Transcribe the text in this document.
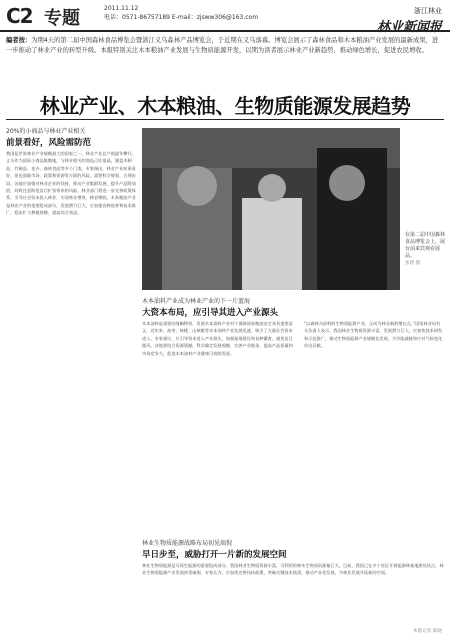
C2 专题	2011.11.12
电话：0571-86757189 E-mail：zjsww306@163.com
浙江林业
林业新闻报
编者按：为期4天的第二届中国森林食品博览会暨浙江义乌森林产品博览会，于近期在义乌落幕。博览会展示了森林食品和木本粮油产业发展的最新成果，进一步推动了林业产业的转型升级。本报特别关注木本粮油产业发展与生物质能源开发，以期为读者展示林业产业新趋势，推动绿色增长，促进农民增收。
林业产业、木本粮油、生物质能源发展趋势
20%的小商品与林业产业相关
前景看好，风险需防范
我国是世界林业产业规模最大的国家之一，林业产业总产值逐年攀升。义乌作为国际小商品集散地，与林业相关的商品占比很高，涵盖木制品、竹制品、花卉、森林食品等多个门类。专家指出，林业产业前景看好，但也面临市场、政策和资源等方面的风险，需要科学规划、合理布局。各地应加强对林业企业的扶持，推动产业集群发展，提升产品附加值，同时注意防范盲目扩张带来的风险。林业部门将进一步完善政策体系，引导社会资本投入林业，实现林业增效、林农增收。木本粮油产业是林业产业的重要组成部分，发展潜力巨大，应加强良种选育和技术推广，稳步扩大种植规模，提高综合效益。
在第二届中国森林食品博览会上，展台前来宾观看展品。
张建 摄
木本油料产业成为林业产业的下一片蓝海
大资本布局，应引导其进入产业源头
木本油料是重要的战略物资，发展木本油料产业对于保障国家粮油安全具有重要意义。近年来，油茶、核桃、山核桃等木本油料产业发展迅速，吸引了大量社会资本进入。专家建议，应引导资本进入产业源头，加强基地建设和良种繁育，避免盲目跟风。各地要结合资源禀赋，科学确定发展规模，完善产业链条，提高产品质量和市场竞争力，促进木本油料产业健康可持续发展。
“以森林为原料的生物质能源产业，正成为林业新的增长点。”国家林业局有关负责人表示，我国林业生物质资源丰富，发展潜力巨大。应加快技术研发和示范推广，推动生物质能源产业规模化发展，为节能减排和应对气候变化作出贡献。
林业生物质能源战略布局初见端倪
早日步至，威胁打开一片新的发展空间
林业生物质能源是可再生能源的重要组成部分。我国林业生物质资源丰富，可利用的林木生物质资源量巨大。目前，我国已在多个省区开展能源林基地建设试点，林业生物质能源产业发展初见端倪。专家认为，应加快完善扶持政策，突破关键技术瓶颈，推动产业化发展，为林业发展开拓新的空间。
本版记者 陈晓
